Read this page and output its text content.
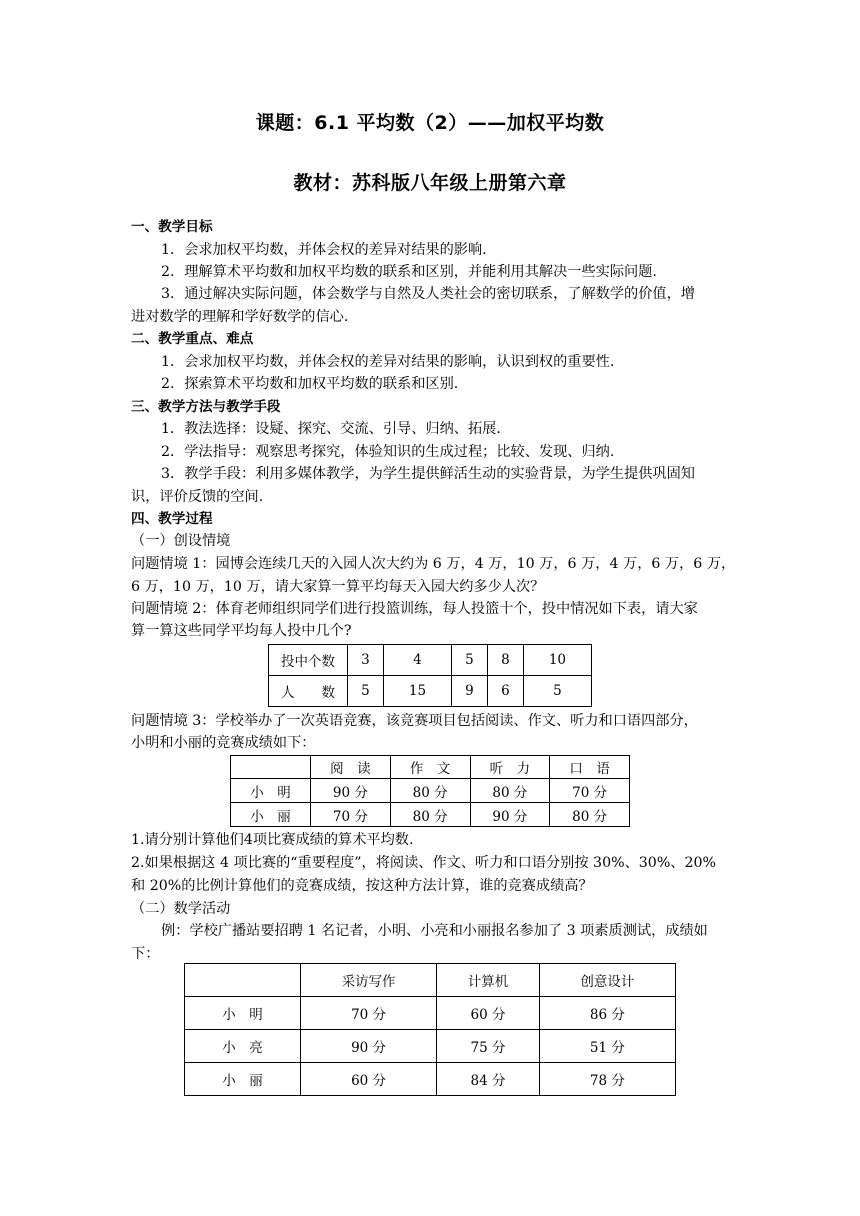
课题：6.1 平均数（2）——加权平均数
教材：苏科版八年级上册第六章
一、教学目标
1．会求加权平均数，并体会权的差异对结果的影响.
2．理解算术平均数和加权平均数的联系和区别，并能利用其解决一些实际问题.
3．通过解决实际问题，体会数学与自然及人类社会的密切联系，了解数学的价值，增
进对数学的理解和学好数学的信心.
二、教学重点、难点
1．会求加权平均数，并体会权的差异对结果的影响，认识到权的重要性.
2．探索算术平均数和加权平均数的联系和区别.
三、教学方法与教学手段
1．教法选择：设疑、探究、交流、引导、归纳、拓展.
2．学法指导：观察思考探究，体验知识的生成过程；比较、发现、归纳.
3．教学手段：利用多媒体教学，为学生提供鲜活生动的实验背景，为学生提供巩固知
识，评价反馈的空间.
四、教学过程
（一）创设情境
问题情境 1：园博会连续几天的入园人次大约为 6 万，4 万，10 万，6 万，4 万，6 万，6 万，
6 万，10 万，10 万，请大家算一算平均每天入园大约多少人次？
问题情境 2：体育老师组织同学们进行投篮训练，每人投篮十个，投中情况如下表，请大家
算一算这些同学平均每人投中几个?
投中个数	3	4	5	8	10
人　　数	5	15	9	6	5
问题情境 3：学校举办了一次英语竞赛，该竞赛项目包括阅读、作文、听力和口语四部分，
小明和小丽的竞赛成绩如下：
	阅　读	作　文	听　力	口　语
小　明	90 分	80 分	80 分	70 分
小　丽	70 分	80 分	90 分	80 分
1.请分别计算他们4项比赛成绩的算术平均数.
2.如果根据这 4 项比赛的“重要程度”，将阅读、作文、听力和口语分别按 30%、30%、20%
和 20%的比例计算他们的竞赛成绩，按这种方法计算，谁的竞赛成绩高？
（二）数学活动
例：学校广播站要招聘 1 名记者，小明、小亮和小丽报名参加了 3 项素质测试，成绩如
下：
	采访写作	计算机	创意设计
小　明	70 分	60 分	86 分
小　亮	90 分	75 分	51 分
小　丽	60 分	84 分	78 分
